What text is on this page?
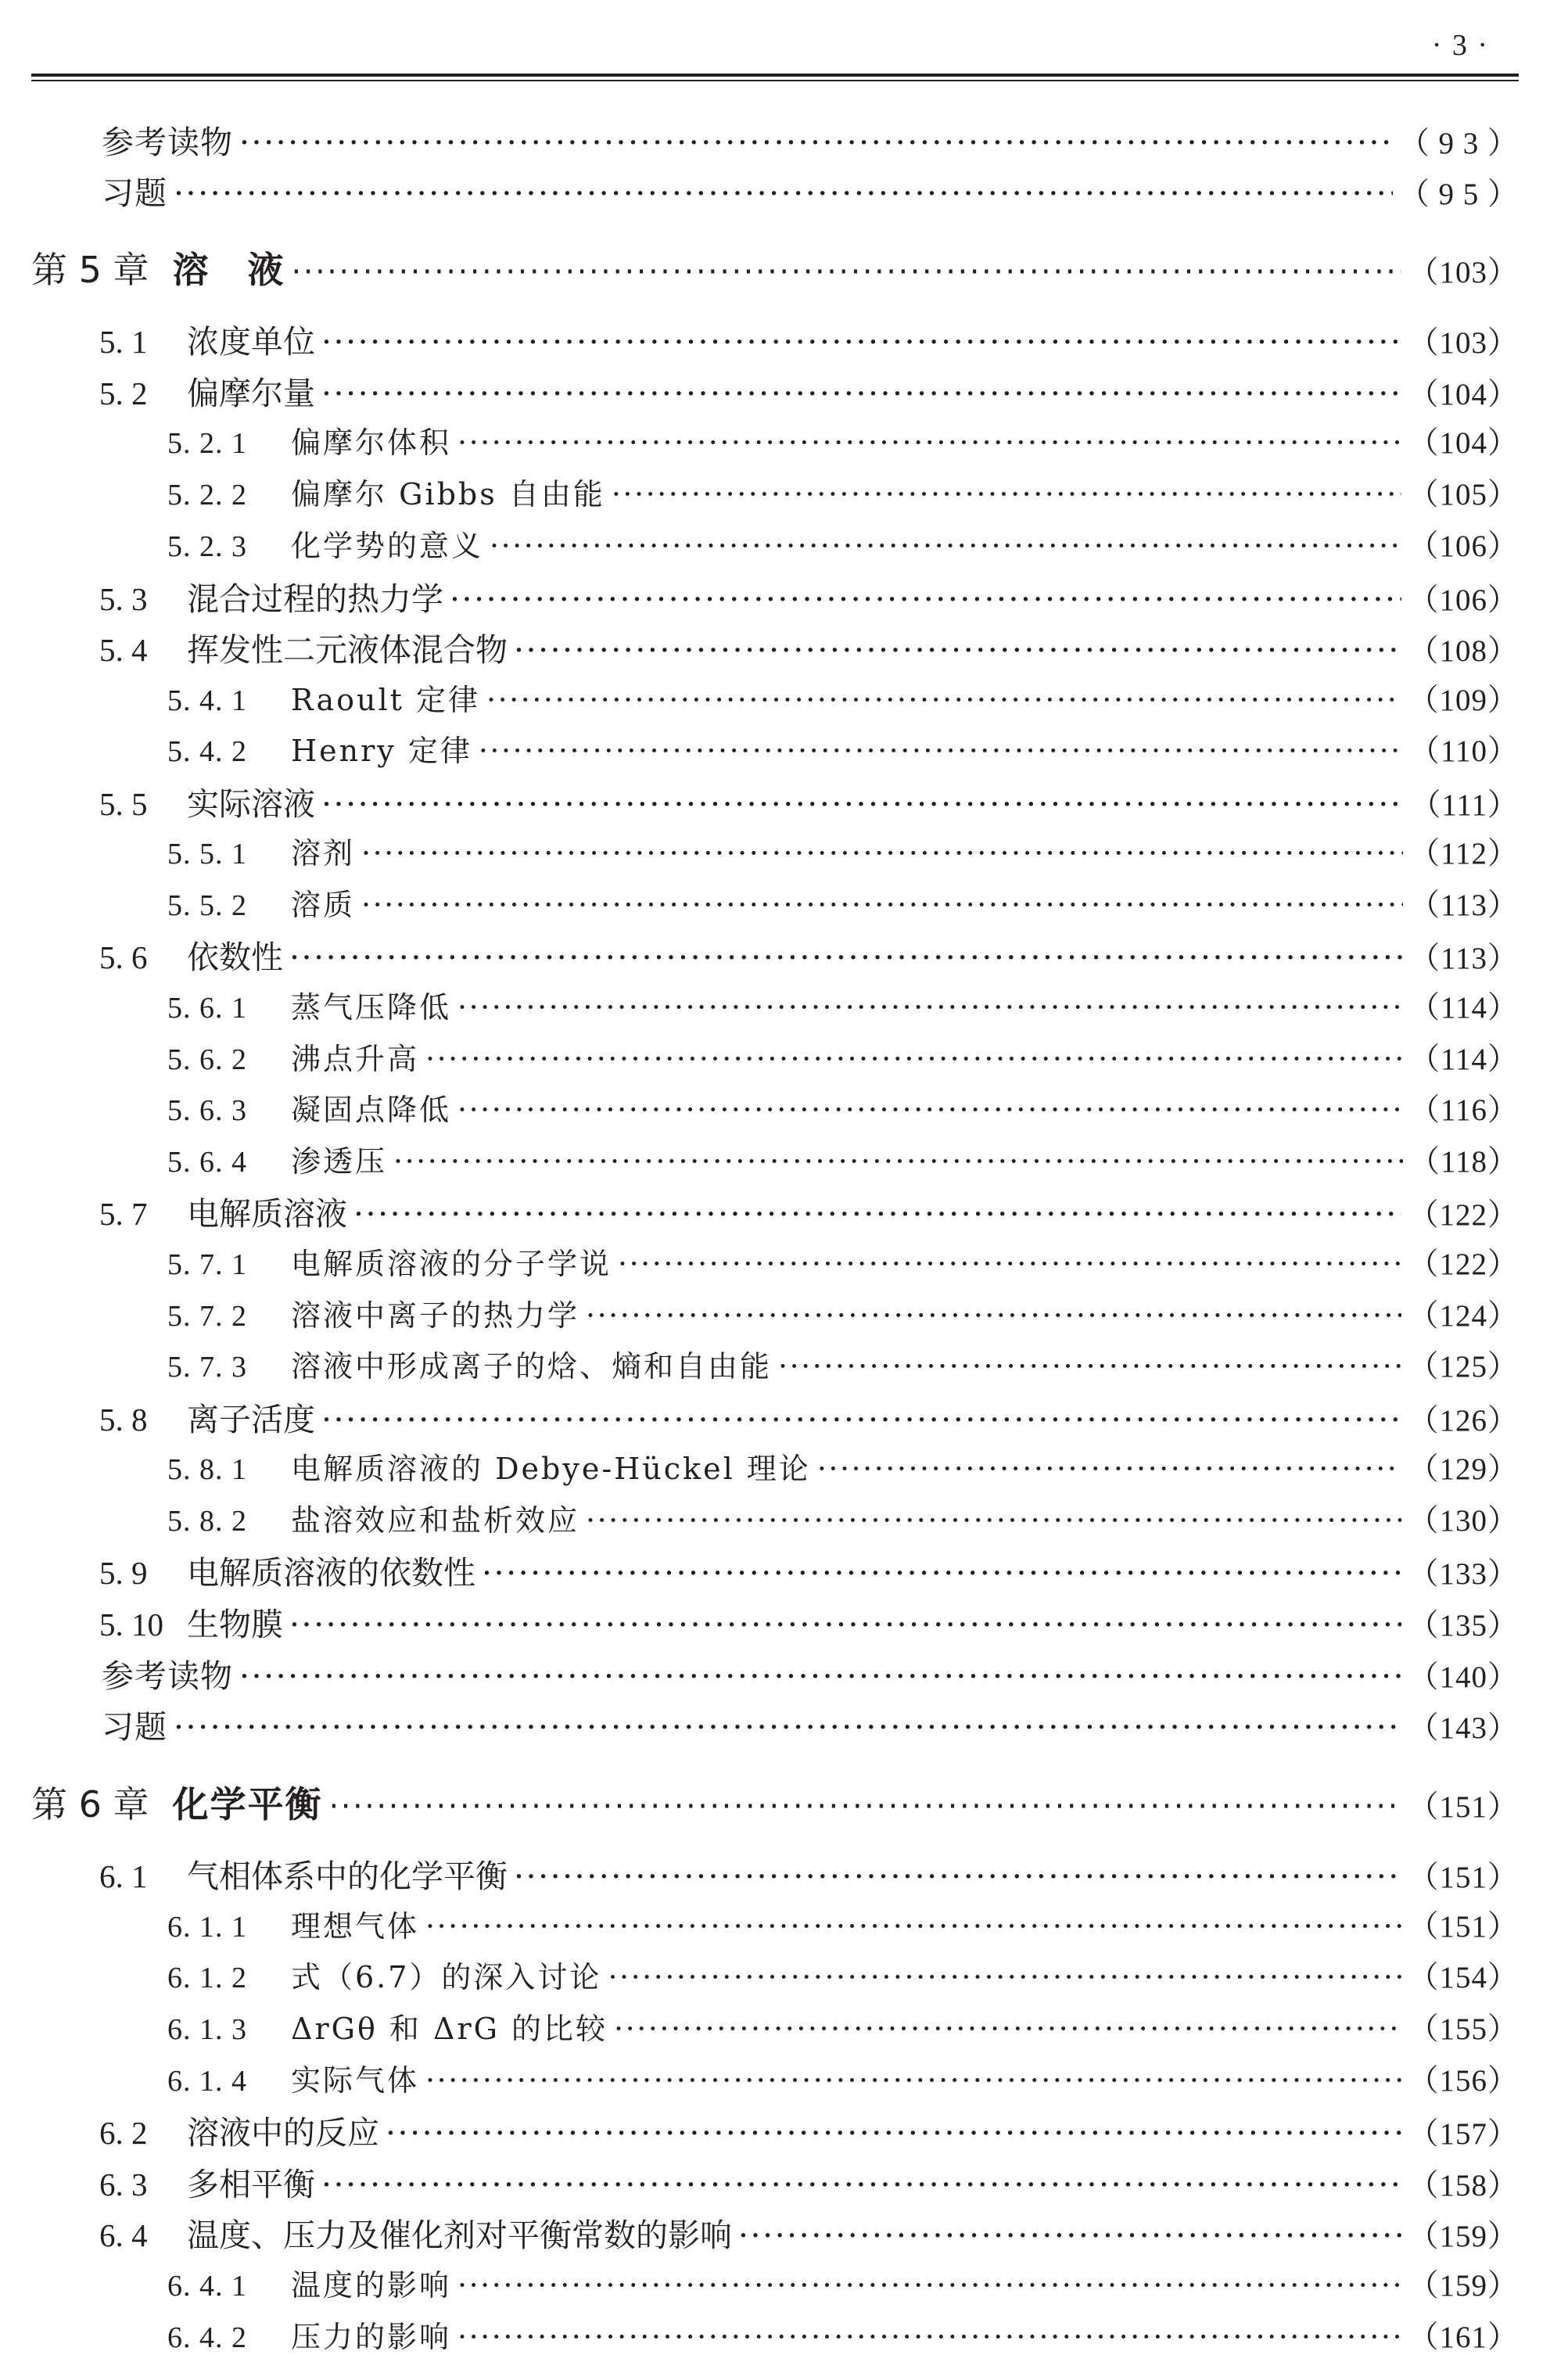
· 3 ·
参考读物 ·····	（ 9 3 ）
习题 ·····	（ 9 5 ）
第 5 章 溶　液 ·····	（103）
5. 1	浓度单位 ·····	（103）
5. 2	偏摩尔量 ·····	（104）
5. 2. 1	偏摩尔体积 ·····	（104）
5. 2. 2	偏摩尔 Gibbs 自由能 ·····	（105）
5. 2. 3	化学势的意义 ·····	（106）
5. 3	混合过程的热力学 ·····	（106）
5. 4	挥发性二元液体混合物 ·····	（108）
5. 4. 1	Raoult 定律 ·····	（109）
5. 4. 2	Henry 定律 ·····	（110）
5. 5	实际溶液 ·····	（111）
5. 5. 1	溶剂 ·····	（112）
5. 5. 2	溶质 ·····	（113）
5. 6	依数性 ·····	（113）
5. 6. 1	蒸气压降低 ·····	（114）
5. 6. 2	沸点升高 ·····	（114）
5. 6. 3	凝固点降低 ·····	（116）
5. 6. 4	渗透压 ·····	（118）
5. 7	电解质溶液 ·····	（122）
5. 7. 1	电解质溶液的分子学说 ·····	（122）
5. 7. 2	溶液中离子的热力学 ·····	（124）
5. 7. 3	溶液中形成离子的焓、熵和自由能 ·····	（125）
5. 8	离子活度 ·····	（126）
5. 8. 1	电解质溶液的 Debye-Hückel 理论 ·····	（129）
5. 8. 2	盐溶效应和盐析效应 ·····	（130）
5. 9	电解质溶液的依数性 ·····	（133）
5. 10 生物膜 ·····	（135）
参考读物 ·····	（140）
习题 ·····	（143）
第 6 章 化学平衡 ·····	（151）
6. 1	气相体系中的化学平衡 ·····	（151）
6. 1. 1	理想气体 ·····	（151）
6. 1. 2	式（6.7）的深入讨论 ·····	（154）
6. 1. 3	ΔrGθ 和 ΔrG 的比较 ·····	（155）
6. 1. 4	实际气体 ·····	（156）
6. 2	溶液中的反应 ·····	（157）
6. 3	多相平衡 ·····	（158）
6. 4	温度、压力及催化剂对平衡常数的影响 ·····	（159）
6. 4. 1	温度的影响 ·····	（159）
6. 4. 2	压力的影响 ·····	（161）
